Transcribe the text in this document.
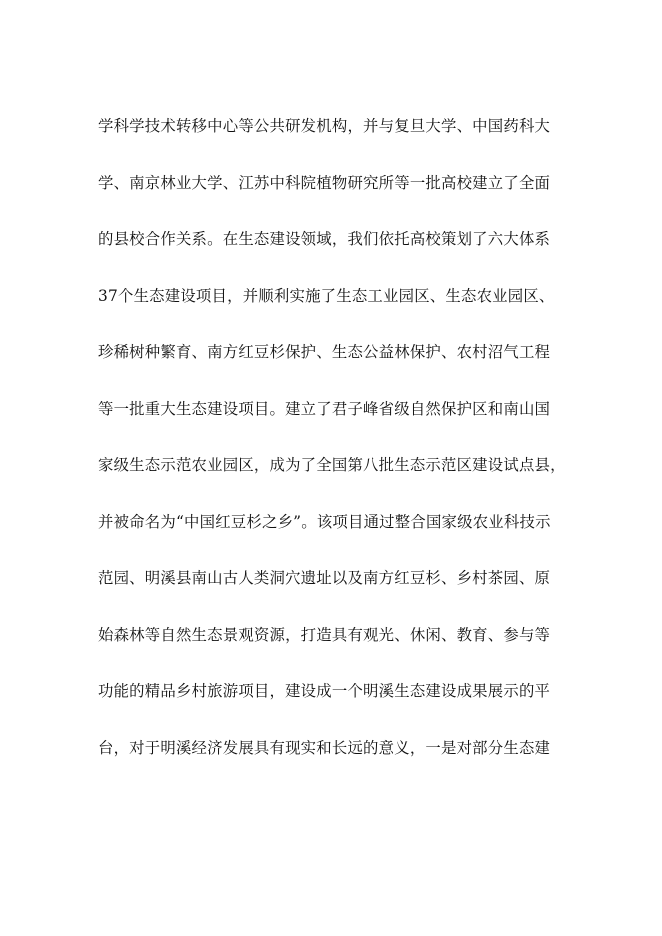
学科学技术转移中心等公共研发机构，并与复旦大学、中国药科大
学、南京林业大学、江苏中科院植物研究所等一批高校建立了全面
的县校合作关系。在生态建设领域，我们依托高校策划了六大体系
37个生态建设项目，并顺利实施了生态工业园区、生态农业园区、
珍稀树种繁育、南方红豆杉保护、生态公益林保护、农村沼气工程
等一批重大生态建设项目。建立了君子峰省级自然保护区和南山国
家级生态示范农业园区，成为了全国第八批生态示范区建设试点县，
并被命名为“中国红豆杉之乡”。该项目通过整合国家级农业科技示
范园、明溪县南山古人类洞穴遗址以及南方红豆杉、乡村茶园、原
始森林等自然生态景观资源，打造具有观光、休闲、教育、参与等
功能的精品乡村旅游项目，建设成一个明溪生态建设成果展示的平
台，对于明溪经济发展具有现实和长远的意义，一是对部分生态建
